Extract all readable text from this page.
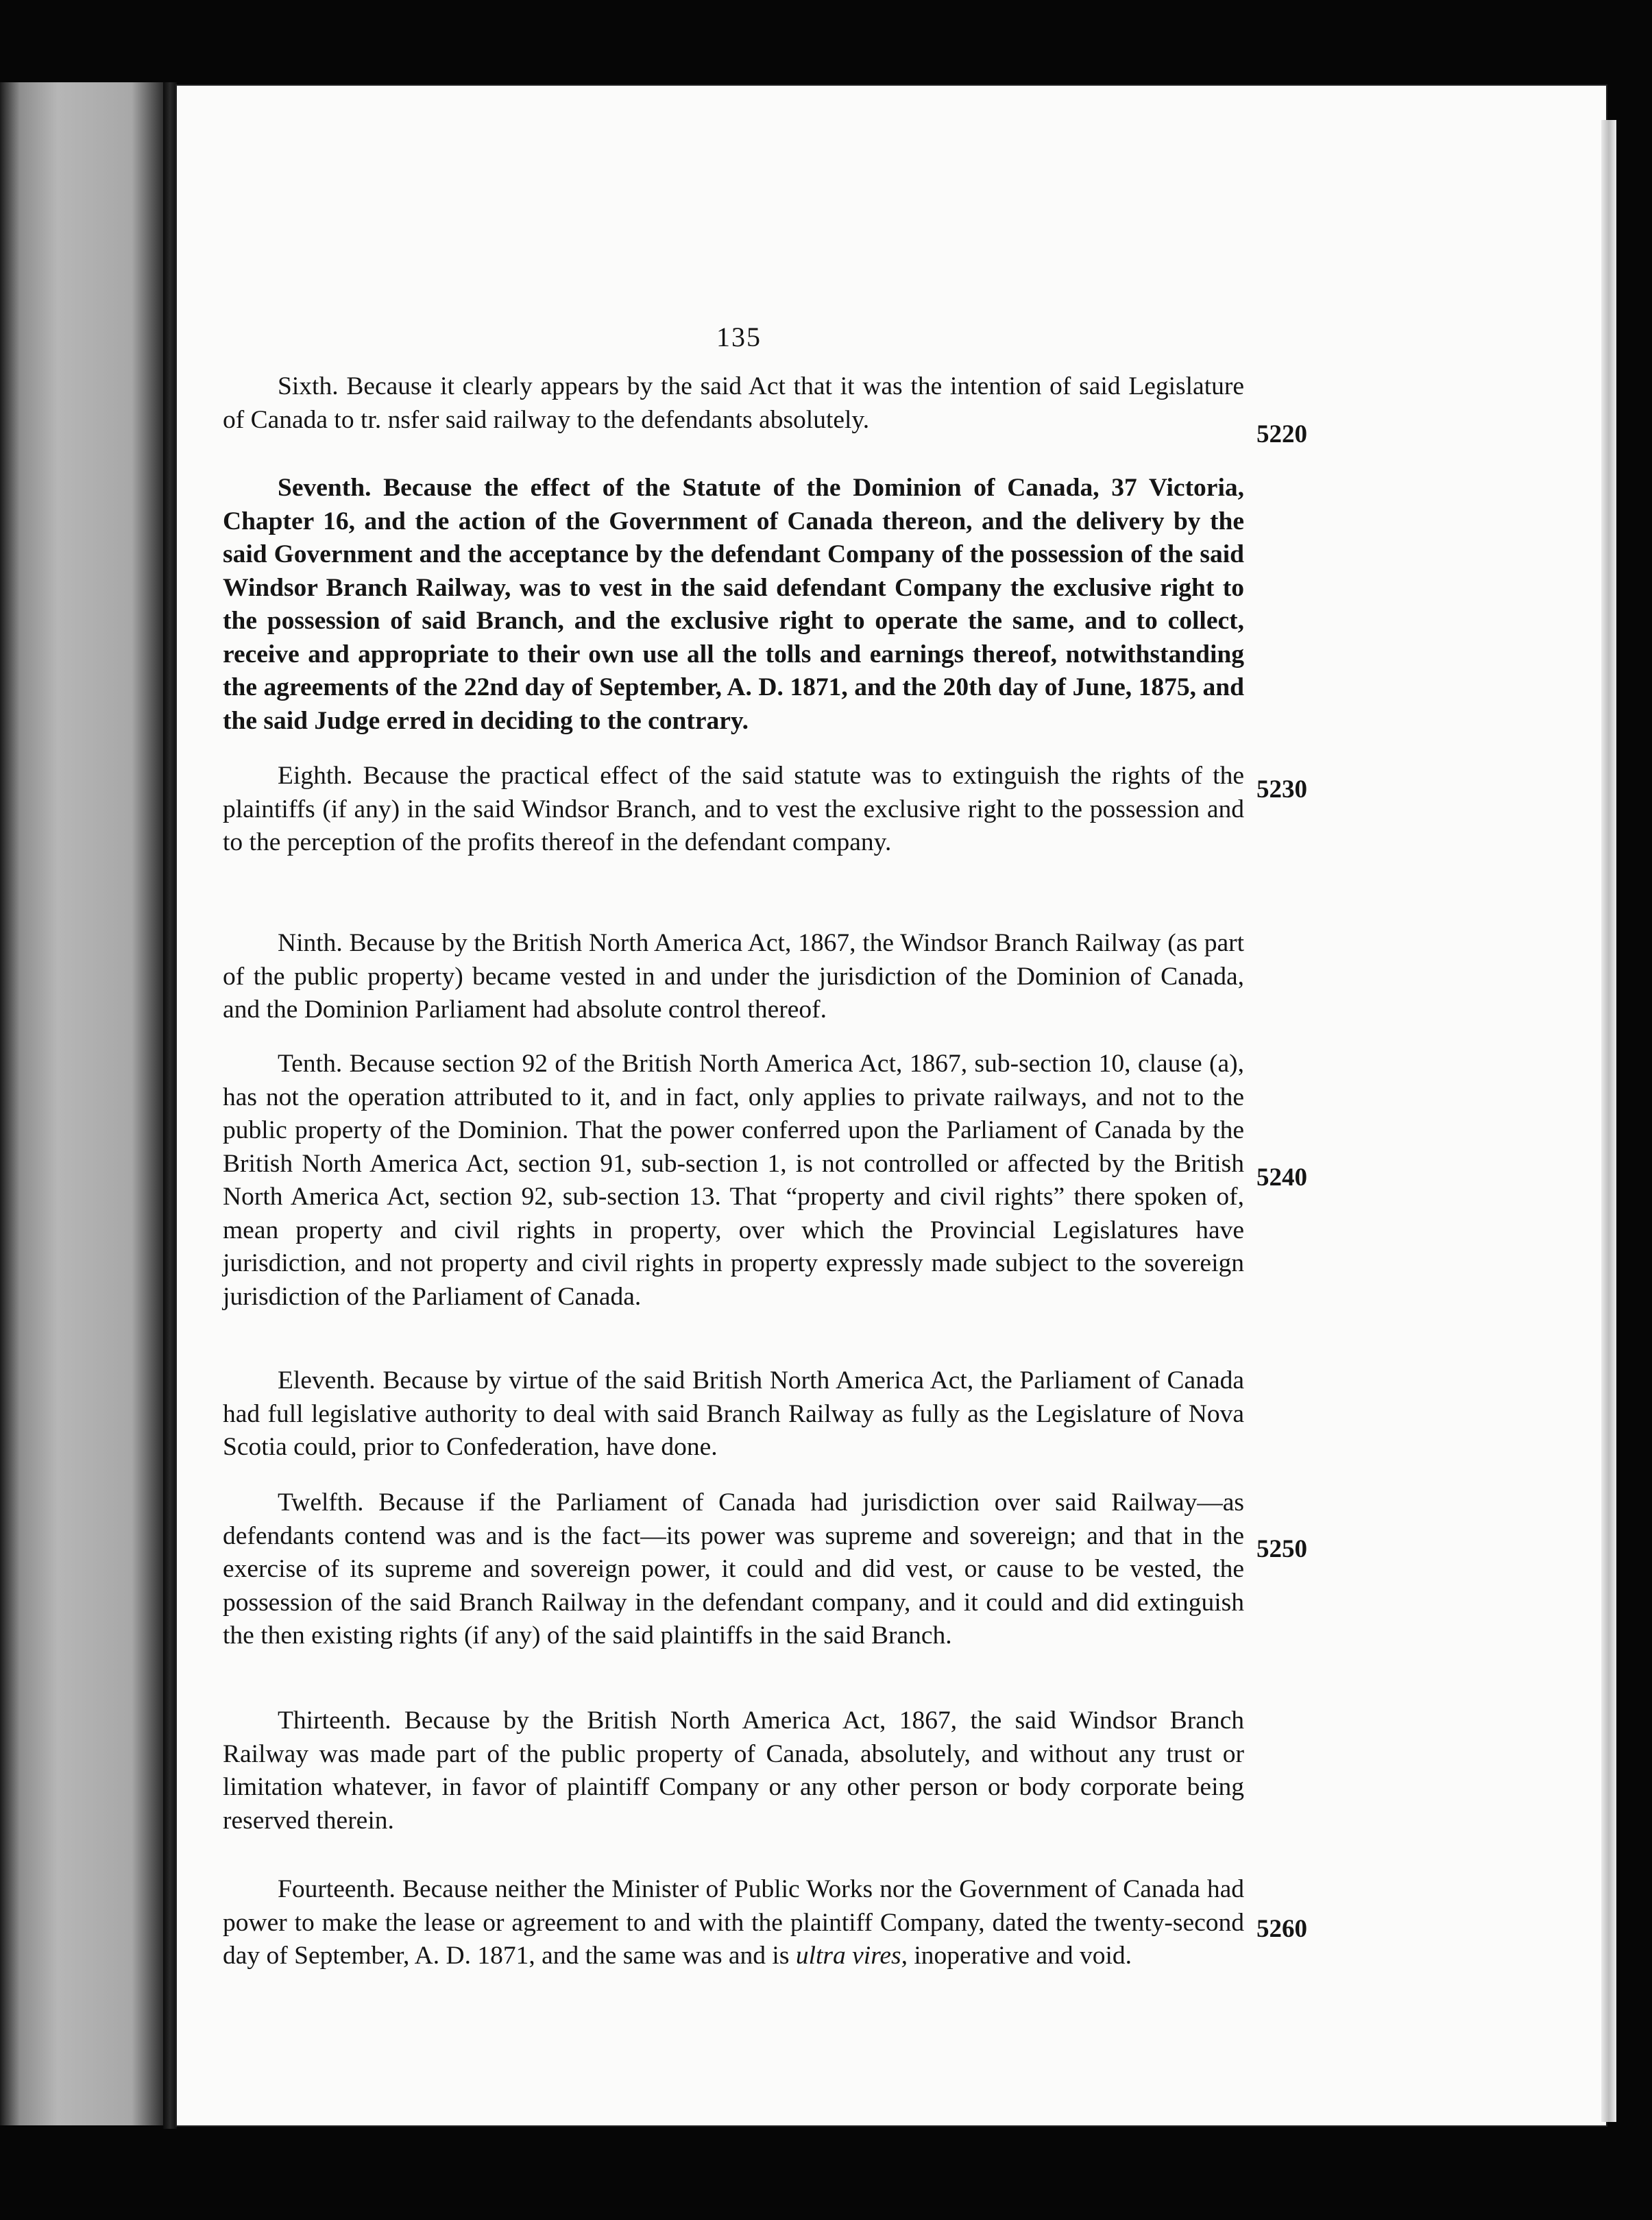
135

Sixth. Because it clearly appears by the said Act that it was the intention of said Legislature of Canada to tr. nsfer said railway to the defendants absolutely.

5220

Seventh. Because the effect of the Statute of the Dominion of Canada, 37 Victoria, Chapter 16, and the action of the Government of Canada thereon, and the delivery by the said Government and the acceptance by the defendant Company of the possession of the said Windsor Branch Railway, was to vest in the said defendant Company the exclusive right to the possession of said Branch, and the exclusive right to operate the same, and to collect, receive and appropriate to their own use all the tolls and earnings thereof, notwithstanding the agreements of the 22nd day of September, A. D. 1871, and the 20th day of June, 1875, and the said Judge erred in deciding to the contrary.

Eighth. Because the practical effect of the said statute was to extinguish the rights of the plaintiffs (if any) in the said Windsor Branch, and to vest the exclusive right to the possession and to the perception of the profits thereof in the defendant company.

5230

Ninth. Because by the British North America Act, 1867, the Windsor Branch Railway (as part of the public property) became vested in and under the jurisdiction of the Dominion of Canada, and the Dominion Parliament had absolute control thereof.

Tenth. Because section 92 of the British North America Act, 1867, sub-section 10, clause (a), has not the operation attributed to it, and in fact, only applies to private railways, and not to the public property of the Dominion. That the power conferred upon the Parliament of Canada by the British North America Act, section 91, sub-section 1, is not controlled or affected by the British North America Act, section 92, sub-section 13. That “property and civil rights” there spoken of, mean property and civil rights in property, over which the Provincial Legislatures have jurisdiction, and not property and civil rights in property expressly made subject to the sovereign jurisdiction of the Parliament of Canada.

5240

Eleventh. Because by virtue of the said British North America Act, the Parliament of Canada had full legislative authority to deal with said Branch Railway as fully as the Legislature of Nova Scotia could, prior to Confederation, have done.

Twelfth. Because if the Parliament of Canada had jurisdiction over said Railway—as defendants contend was and is the fact—its power was supreme and sovereign; and that in the exercise of its supreme and sovereign power, it could and did vest, or cause to be vested, the possession of the said Branch Railway in the defendant company, and it could and did extinguish the then existing rights (if any) of the said plaintiffs in the said Branch.

5250

Thirteenth. Because by the British North America Act, 1867, the said Windsor Branch Railway was made part of the public property of Canada, absolutely, and without any trust or limitation whatever, in favor of plaintiff Company or any other person or body corporate being reserved therein.

Fourteenth. Because neither the Minister of Public Works nor the Government of Canada had power to make the lease or agreement to and with the plaintiff Company, dated the twenty-second day of September, A. D. 1871, and the same was and is ultra vires, inoperative and void.

5260
